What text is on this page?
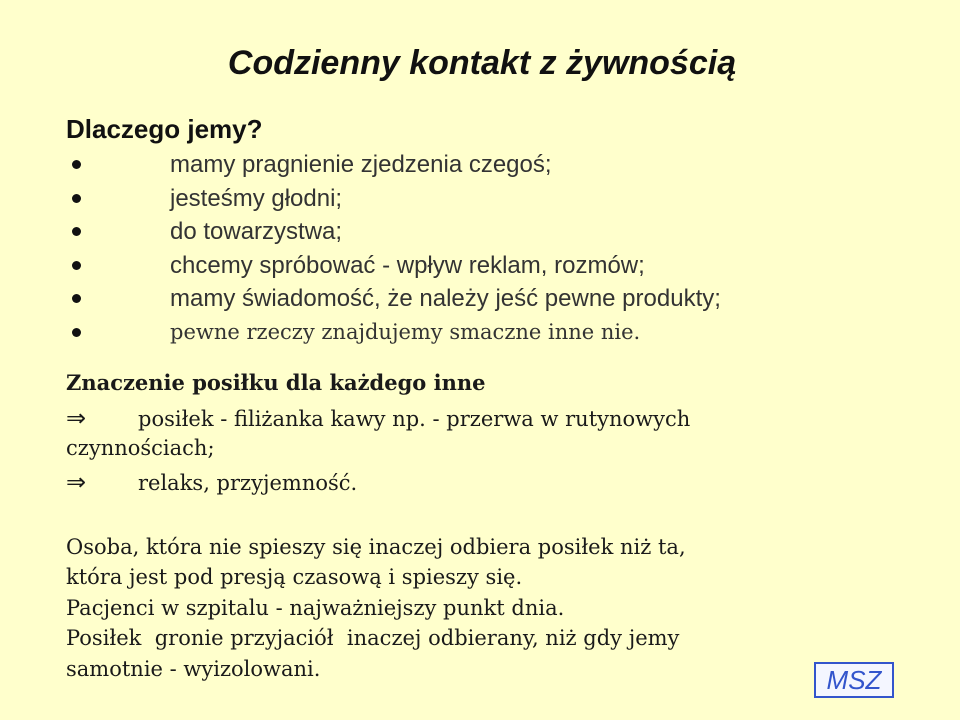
Codzienny kontakt z żywnością
Dlaczego jemy?
mamy pragnienie zjedzenia czegoś;
jesteśmy głodni;
do towarzystwa;
chcemy spróbować - wpływ reklam, rozmów;
mamy świadomość, że należy jeść pewne produkty;
pewne rzeczy znajdujemy smaczne inne nie.
Znaczenie posiłku dla każdego inne
⇒ posiłek - filiżanka kawy np. - przerwa w rutynowych
czynnościach;
⇒ relaks, przyjemność.
Osoba, która nie spieszy się inaczej odbiera posiłek niż ta,
która jest pod presją czasową i spieszy się.
Pacjenci w szpitalu - najważniejszy punkt dnia.
Posiłek  gronie przyjaciół  inaczej odbierany, niż gdy jemy
samotnie - wyizolowani.	MSZ
